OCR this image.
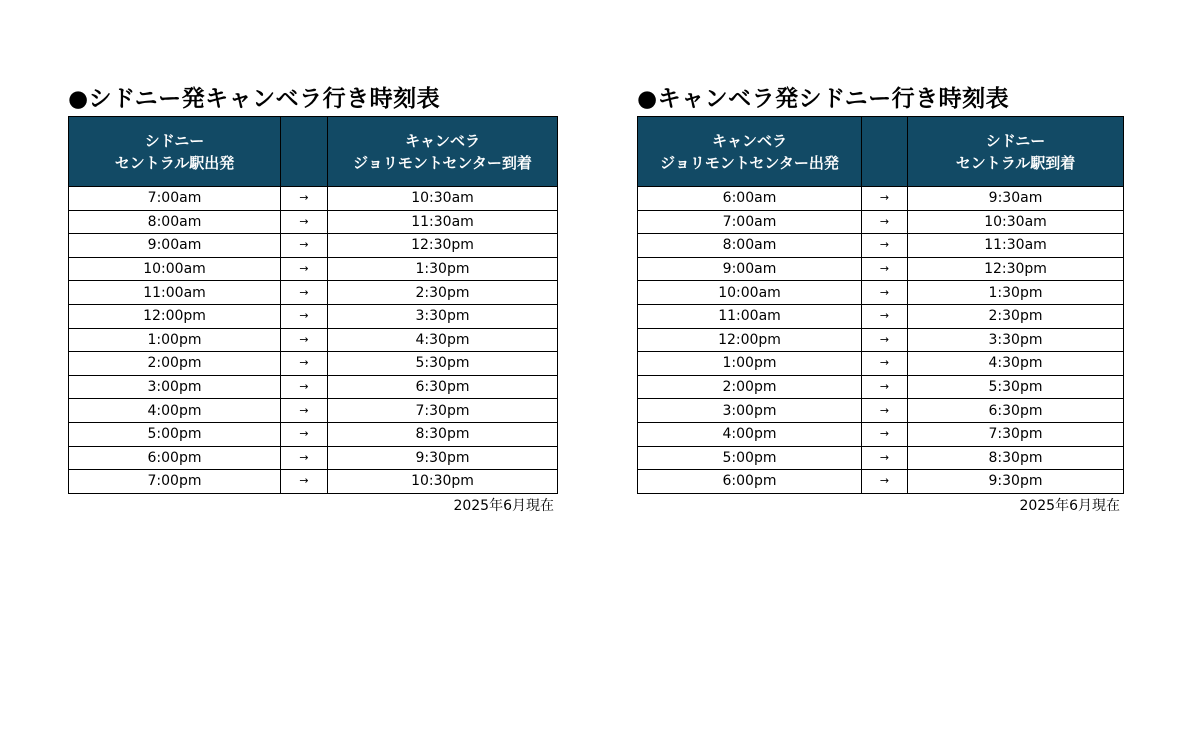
●シドニー発キャンベラ行き時刻表
シドニー
セントラル駅出発		キャンベラ
ジョリモントセンター到着
7:00am	→	10:30am
8:00am	→	11:30am
9:00am	→	12:30pm
10:00am	→	1:30pm
11:00am	→	2:30pm
12:00pm	→	3:30pm
1:00pm	→	4:30pm
2:00pm	→	5:30pm
3:00pm	→	6:30pm
4:00pm	→	7:30pm
5:00pm	→	8:30pm
6:00pm	→	9:30pm
7:00pm	→	10:30pm
2025年6月現在
●キャンベラ発シドニー行き時刻表
キャンベラ
ジョリモントセンター出発		シドニー
セントラル駅到着
6:00am	→	9:30am
7:00am	→	10:30am
8:00am	→	11:30am
9:00am	→	12:30pm
10:00am	→	1:30pm
11:00am	→	2:30pm
12:00pm	→	3:30pm
1:00pm	→	4:30pm
2:00pm	→	5:30pm
3:00pm	→	6:30pm
4:00pm	→	7:30pm
5:00pm	→	8:30pm
6:00pm	→	9:30pm
2025年6月現在
